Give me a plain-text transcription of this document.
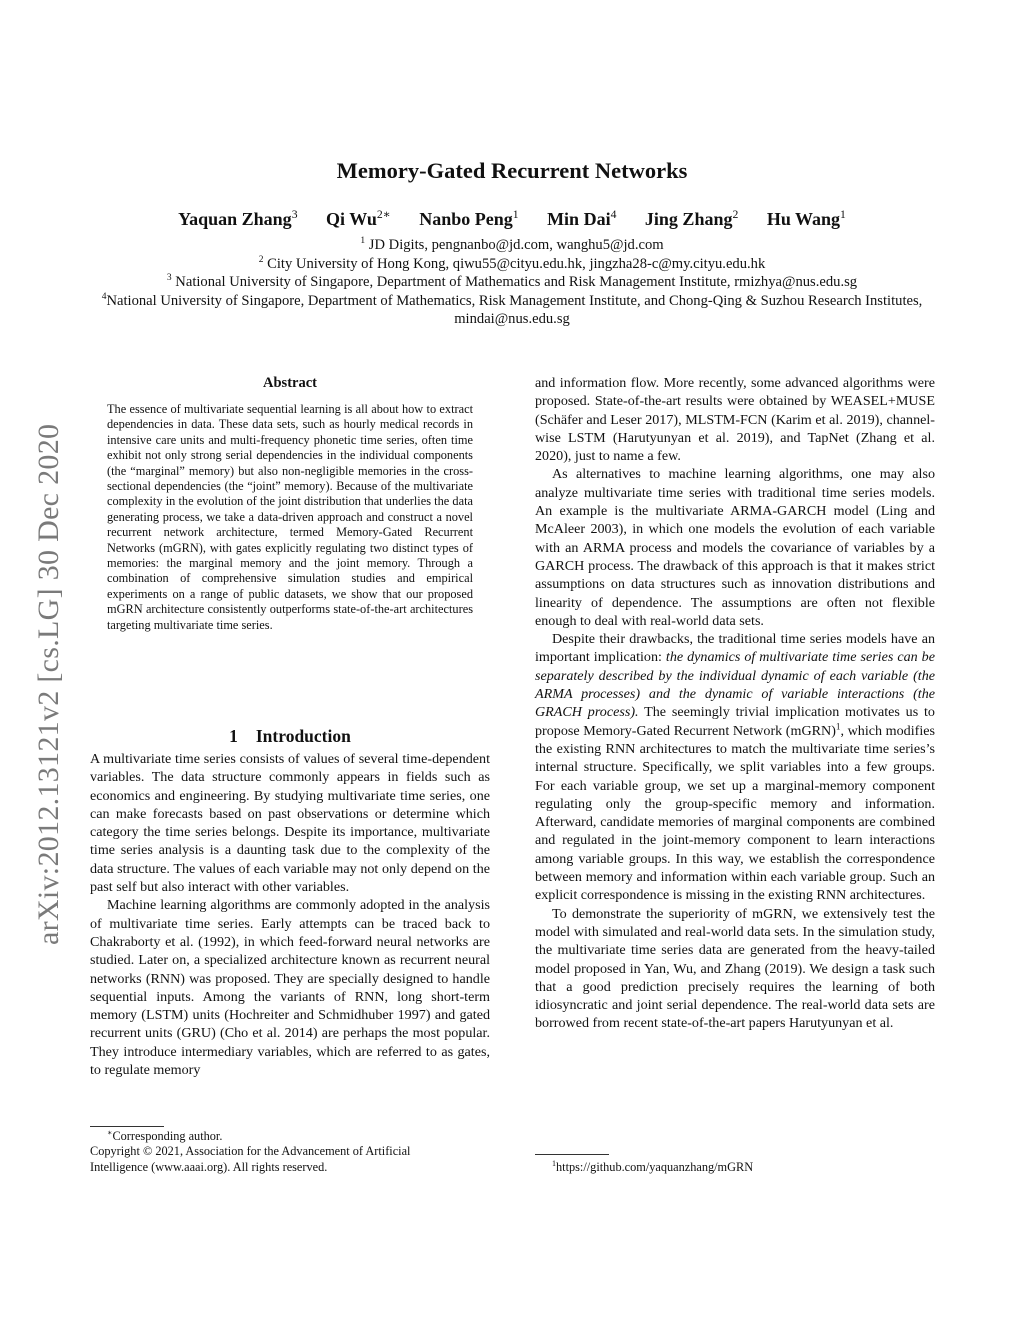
Memory-Gated Recurrent Networks
Yaquan Zhang$^3$ Qi $Wu^{2∗}$ Nanbo Peng$^1$ Min Dai$^4$ Jing Zhang$^2$ Hu Wang$^1$
$^1$ JD Digits, pengnanbo@jd.com, wanghu5@jd.com
$^2$ City University of Hong Kong, qiwu55@cityu.edu.hk, jingzha28-c@my.cityu.edu.hk
$^3$ National University of Singapore, Department of Mathematics and Risk Management Institute, rmizhya@nus.edu.sg
$^4$National University of Singapore, Department of Mathematics, Risk Management Institute, and Chong-Qing & Suzhou Research Institutes, mindai@nus.edu.sg
arXiv:2012.13121v2 [cs.LG] 30 Dec 2020
Abstract
The essence of multivariate sequential learning is all about how to extract dependencies in data. These data sets, such as hourly medical records in intensive care units and multi-frequency phonetic time series, often time exhibit not only strong serial dependencies in the individual components (the “marginal” memory) but also non-negligible memories in the cross-sectional dependencies (the “joint” memory). Because of the multivariate complexity in the evolution of the joint distribution that underlies the data generating process, we take a data-driven approach and construct a novel recurrent network architecture, termed Memory-Gated Recurrent Networks (mGRN), with gates explicitly regulating two distinct types of memories: the marginal memory and the joint memory. Through a combination of comprehensive simulation studies and empirical experiments on a range of public datasets, we show that our proposed mGRN architecture consistently outperforms state-of-the-art architectures targeting multivariate time series.
1 Introduction

A multivariate time series consists of values of several time-dependent variables. The data structure commonly appears in fields such as economics and engineering. By studying multivariate time series, one can make forecasts based on past observations or determine which category the time series belongs. Despite its importance, multivariate time series analysis is a daunting task due to the complexity of the data structure. The values of each variable may not only depend on the past self but also interact with other variables.

Machine learning algorithms are commonly adopted in the analysis of multivariate time series. Early attempts can be traced back to Chakraborty et al. (1992), in which feed-forward neural networks are studied. Later on, a specialized architecture known as recurrent neural networks (RNN) was proposed. They are specially designed to handle sequential inputs. Among the variants of RNN, long short-term memory (LSTM) units (Hochreiter and Schmidhuber 1997) and gated recurrent units (GRU) (Cho et al. 2014) are perhaps the most popular. They introduce intermediary variables, which are referred to as gates, to regulate memory

∗Corresponding author.
Copyright © 2021, Association for the Advancement of Artificial
Intelligence (www.aaai.org). All rights reserved.

and information flow. More recently, some advanced algorithms were proposed. State-of-the-art results were obtained by WEASEL+MUSE (Schäfer and Leser 2017), MLSTM-FCN (Karim et al. 2019), channel-wise LSTM (Harutyunyan et al. 2019), and TapNet (Zhang et al. 2020), just to name a few.

As alternatives to machine learning algorithms, one may also analyze multivariate time series with traditional time series models. An example is the multivariate ARMA-GARCH model (Ling and McAleer 2003), in which one models the evolution of each variable with an ARMA process and models the covariance of variables by a GARCH process. The drawback of this approach is that it makes strict assumptions on data structures such as innovation distributions and linearity of dependence. The assumptions are often not flexible enough to deal with real-world data sets.

Despite their drawbacks, the traditional time series models have an important implication: the dynamics of multivariate time series can be separately described by the individual dynamic of each variable (the ARMA processes) and the dynamic of variable interactions (the GRACH process). The seemingly trivial implication motivates us to propose Memory-Gated Recurrent Network (mGRN)$^1$, which modifies the existing RNN architectures to match the multivariate time series’s internal structure. Specifically, we split variables into a few groups. For each variable group, we set up a marginal-memory component regulating only the group-specific memory and information. Afterward, candidate memories of marginal components are combined and regulated in the joint-memory component to learn interactions among variable groups. In this way, we establish the correspondence between memory and information within each variable group. Such an explicit correspondence is missing in the existing RNN architectures.

To demonstrate the superiority of mGRN, we extensively test the model with simulated and real-world data sets. In the simulation study, the multivariate time series data are generated from the heavy-tailed model proposed in Yan, Wu, and Zhang (2019). We design a task such that a good prediction precisely requires the learning of both idiosyncratic and joint serial dependence. The real-world data sets are borrowed from recent state-of-the-art papers Harutyunyan et al.

$^1$https://github.com/yaquanzhang/mGRN
